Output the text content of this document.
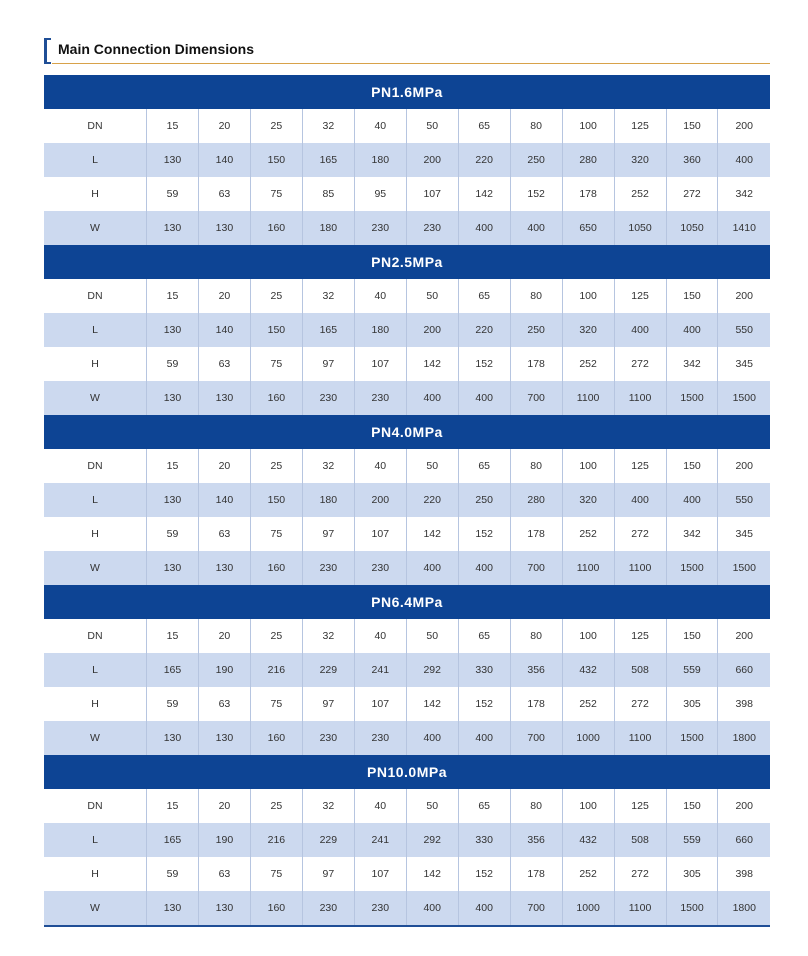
Main Connection Dimensions
PN1.6MPa
DN	15	20	25	32	40	50	65	80	100	125	150	200
L	130	140	150	165	180	200	220	250	280	320	360	400
H	59	63	75	85	95	107	142	152	178	252	272	342
W	130	130	160	180	230	230	400	400	650	1050	1050	1410
PN2.5MPa
DN	15	20	25	32	40	50	65	80	100	125	150	200
L	130	140	150	165	180	200	220	250	320	400	400	550
H	59	63	75	97	107	142	152	178	252	272	342	345
W	130	130	160	230	230	400	400	700	1100	1100	1500	1500
PN4.0MPa
DN	15	20	25	32	40	50	65	80	100	125	150	200
L	130	140	150	180	200	220	250	280	320	400	400	550
H	59	63	75	97	107	142	152	178	252	272	342	345
W	130	130	160	230	230	400	400	700	1100	1100	1500	1500
PN6.4MPa
DN	15	20	25	32	40	50	65	80	100	125	150	200
L	165	190	216	229	241	292	330	356	432	508	559	660
H	59	63	75	97	107	142	152	178	252	272	305	398
W	130	130	160	230	230	400	400	700	1000	1100	1500	1800
PN10.0MPa
DN	15	20	25	32	40	50	65	80	100	125	150	200
L	165	190	216	229	241	292	330	356	432	508	559	660
H	59	63	75	97	107	142	152	178	252	272	305	398
W	130	130	160	230	230	400	400	700	1000	1100	1500	1800
